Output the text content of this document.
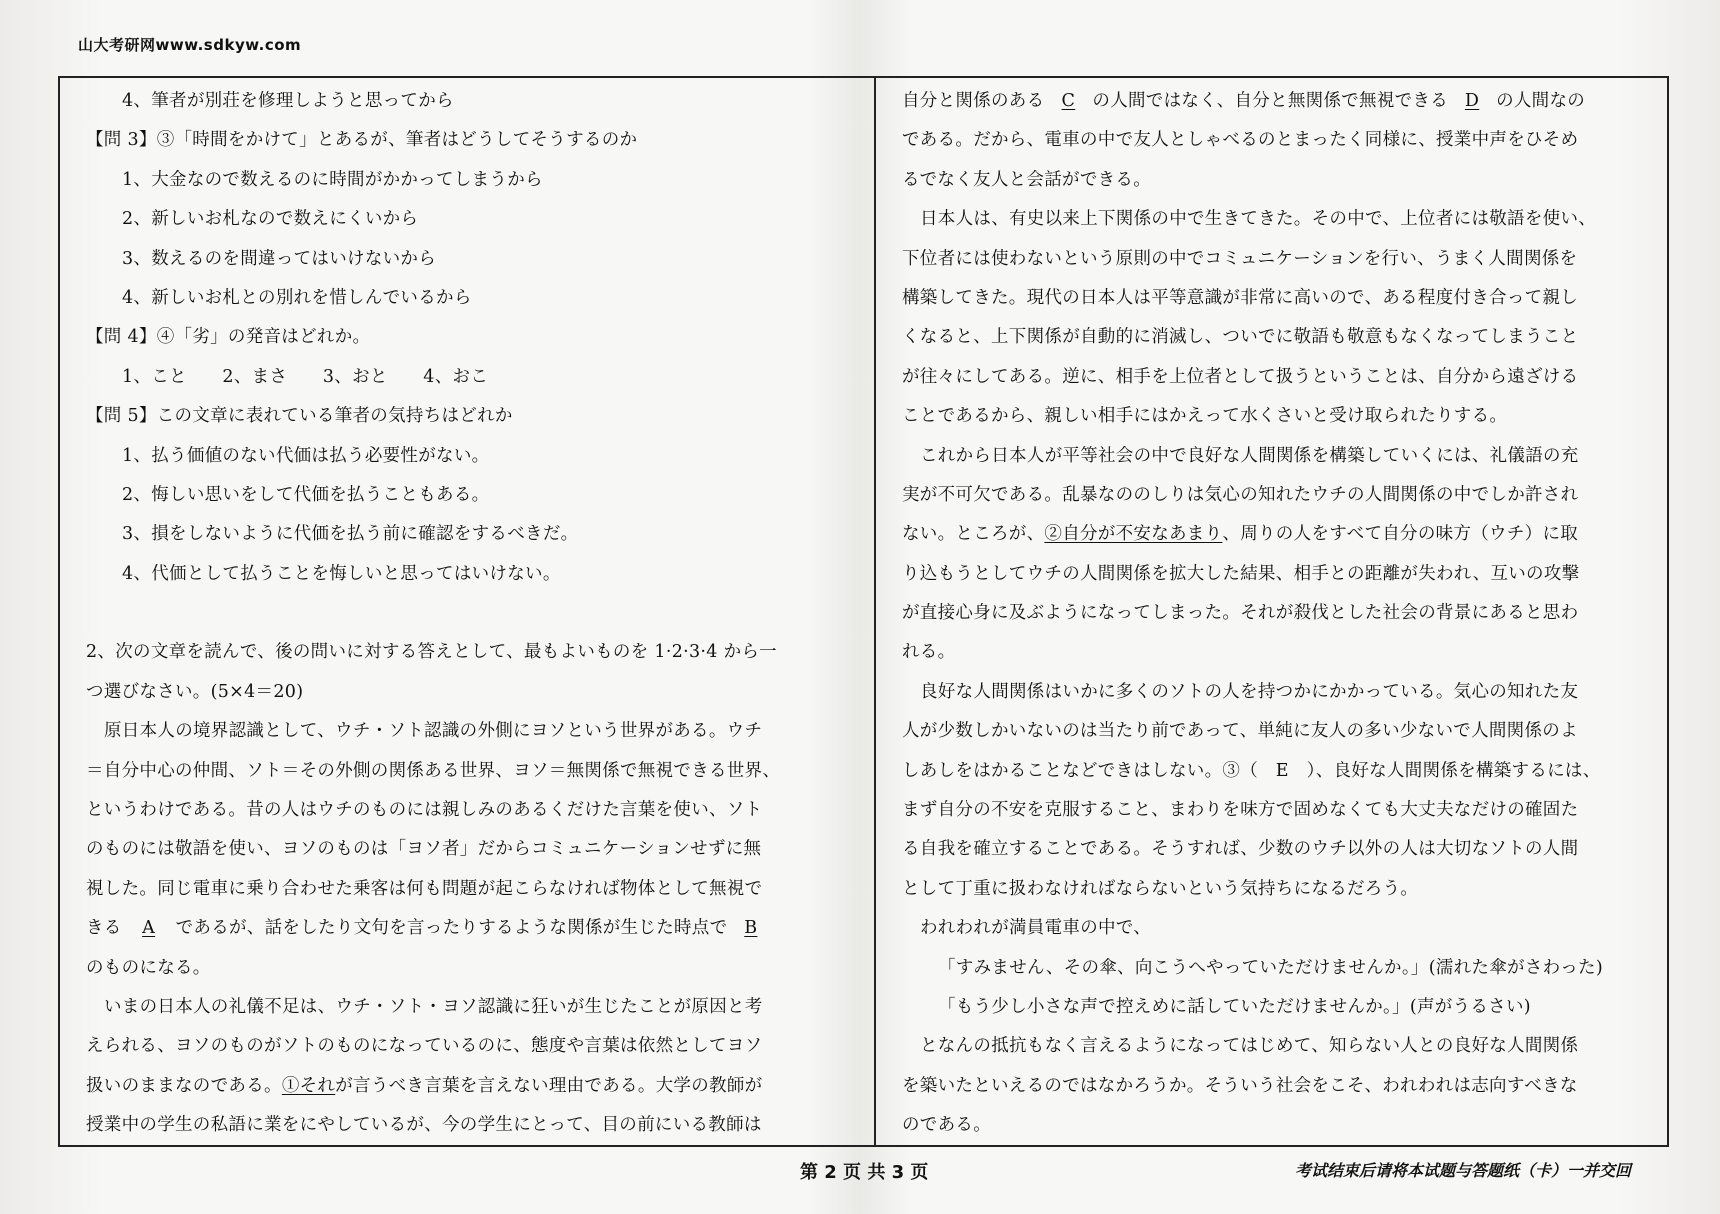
山大考研网www.sdkyw.com
4、筆者が別荘を修理しようと思ってから
【問 3】③「時間をかけて」とあるが、筆者はどうしてそうするのか
1、大金なので数えるのに時間がかかってしまうから
2、新しいお札なので数えにくいから
3、数えるのを間違ってはいけないから
4、新しいお札との別れを惜しんでいるから
【問 4】④「劣」の発音はどれか。
1、こと　　2、まさ　　3、おと　　4、おこ
【問 5】この文章に表れている筆者の気持ちはどれか
1、払う価値のない代価は払う必要性がない。
2、悔しい思いをして代価を払うこともある。
3、損をしないように代価を払う前に確認をするべきだ。
4、代価として払うことを悔しいと思ってはいけない。
2、次の文章を読んで、後の問いに対する答えとして、最もよいものを 1·2·3·4 から一
つ選びなさい。(5×4＝20)
原日本人の境界認識として、ウチ・ソト認識の外側にヨソという世界がある。ウチ
＝自分中心の仲間、ソト＝その外側の関係ある世界、ヨソ＝無関係で無視できる世界、
というわけである。昔の人はウチのものには親しみのあるくだけた言葉を使い、ソト
のものには敬語を使い、ヨソのものは「ヨソ者」だからコミュニケーションせずに無
視した。同じ電車に乗り合わせた乗客は何も問題が起こらなければ物体として無視で
きる A であるが、話をしたり文句を言ったりするような関係が生じた時点で B
のものになる。
いまの日本人の礼儀不足は、ウチ・ソト・ヨソ認識に狂いが生じたことが原因と考
えられる、ヨソのものがソトのものになっているのに、態度や言葉は依然としてヨソ
扱いのままなのである。①それが言うべき言葉を言えない理由である。大学の教師が
授業中の学生の私語に業をにやしているが、今の学生にとって、目の前にいる教師は
自分と関係のある C の人間ではなく、自分と無関係で無視できる D の人間なの
である。だから、電車の中で友人としゃべるのとまったく同様に、授業中声をひそめ
るでなく友人と会話ができる。
日本人は、有史以来上下関係の中で生きてきた。その中で、上位者には敬語を使い、
下位者には使わないという原則の中でコミュニケーションを行い、うまく人間関係を
構築してきた。現代の日本人は平等意識が非常に高いので、ある程度付き合って親し
くなると、上下関係が自動的に消滅し、ついでに敬語も敬意もなくなってしまうこと
が往々にしてある。逆に、相手を上位者として扱うということは、自分から遠ざける
ことであるから、親しい相手にはかえって水くさいと受け取られたりする。
これから日本人が平等社会の中で良好な人間関係を構築していくには、礼儀語の充
実が不可欠である。乱暴なののしりは気心の知れたウチの人間関係の中でしか許され
ない。ところが、②自分が不安なあまり、周りの人をすべて自分の味方（ウチ）に取
り込もうとしてウチの人間関係を拡大した結果、相手との距離が失われ、互いの攻撃
が直接心身に及ぶようになってしまった。それが殺伐とした社会の背景にあると思わ
れる。
良好な人間関係はいかに多くのソトの人を持つかにかかっている。気心の知れた友
人が少数しかいないのは当たり前であって、単純に友人の多い少ないで人間関係のよ
しあしをはかることなどできはしない。③（　E　）、良好な人間関係を構築するには、
まず自分の不安を克服すること、まわりを味方で固めなくても大丈夫なだけの確固た
る自我を確立することである。そうすれば、少数のウチ以外の人は大切なソトの人間
として丁重に扱わなければならないという気持ちになるだろう。
われわれが満員電車の中で、
「すみません、その傘、向こうへやっていただけませんか。」(濡れた傘がさわった)
「もう少し小さな声で控えめに話していただけませんか。」(声がうるさい)
となんの抵抗もなく言えるようになってはじめて、知らない人との良好な人間関係
を築いたといえるのではなかろうか。そういう社会をこそ、われわれは志向すべきな
のである。
第 2 页 共 3 页	考试结束后请将本试题与答题纸（卡）一并交回
